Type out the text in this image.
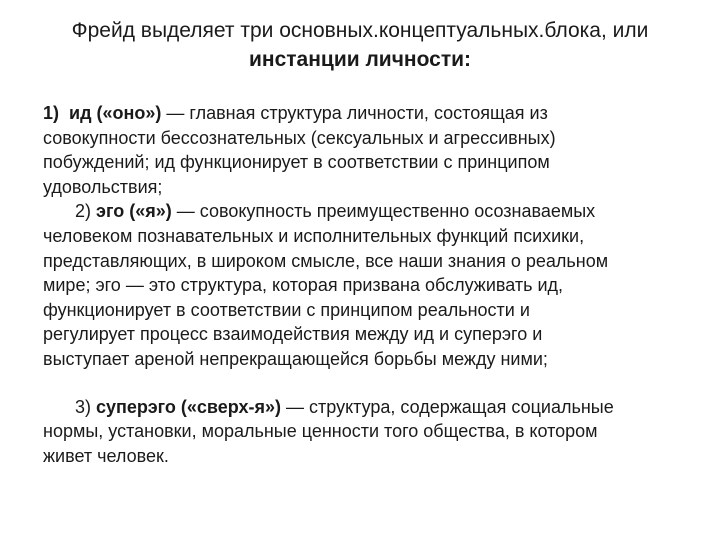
Фрейд выделяет три основных.концептуальных.блока, или
инстанции личности:
1) ид («оно») — главная структура личности, состоящая из
совокупности бессознательных (сексуальных и агрессивных)
побуждений; ид функционирует в соответствии с принципом
удовольствия;
2) эго («я») — совокупность преимущественно осознаваемых
человеком познавательных и исполнительных функций психики,
представляющих, в широком смысле, все наши знания о реальном
мире; эго — это структура, которая призвана обслуживать ид,
функционирует в соответствии с принципом реальности и
регулирует процесс взаимодействия между ид и суперэго и
выступает ареной непрекращающейся борьбы между ними;
3) суперэго («сверх-я») — структура, содержащая социальные
нормы, установки, моральные ценности того общества, в котором
живет человек.
